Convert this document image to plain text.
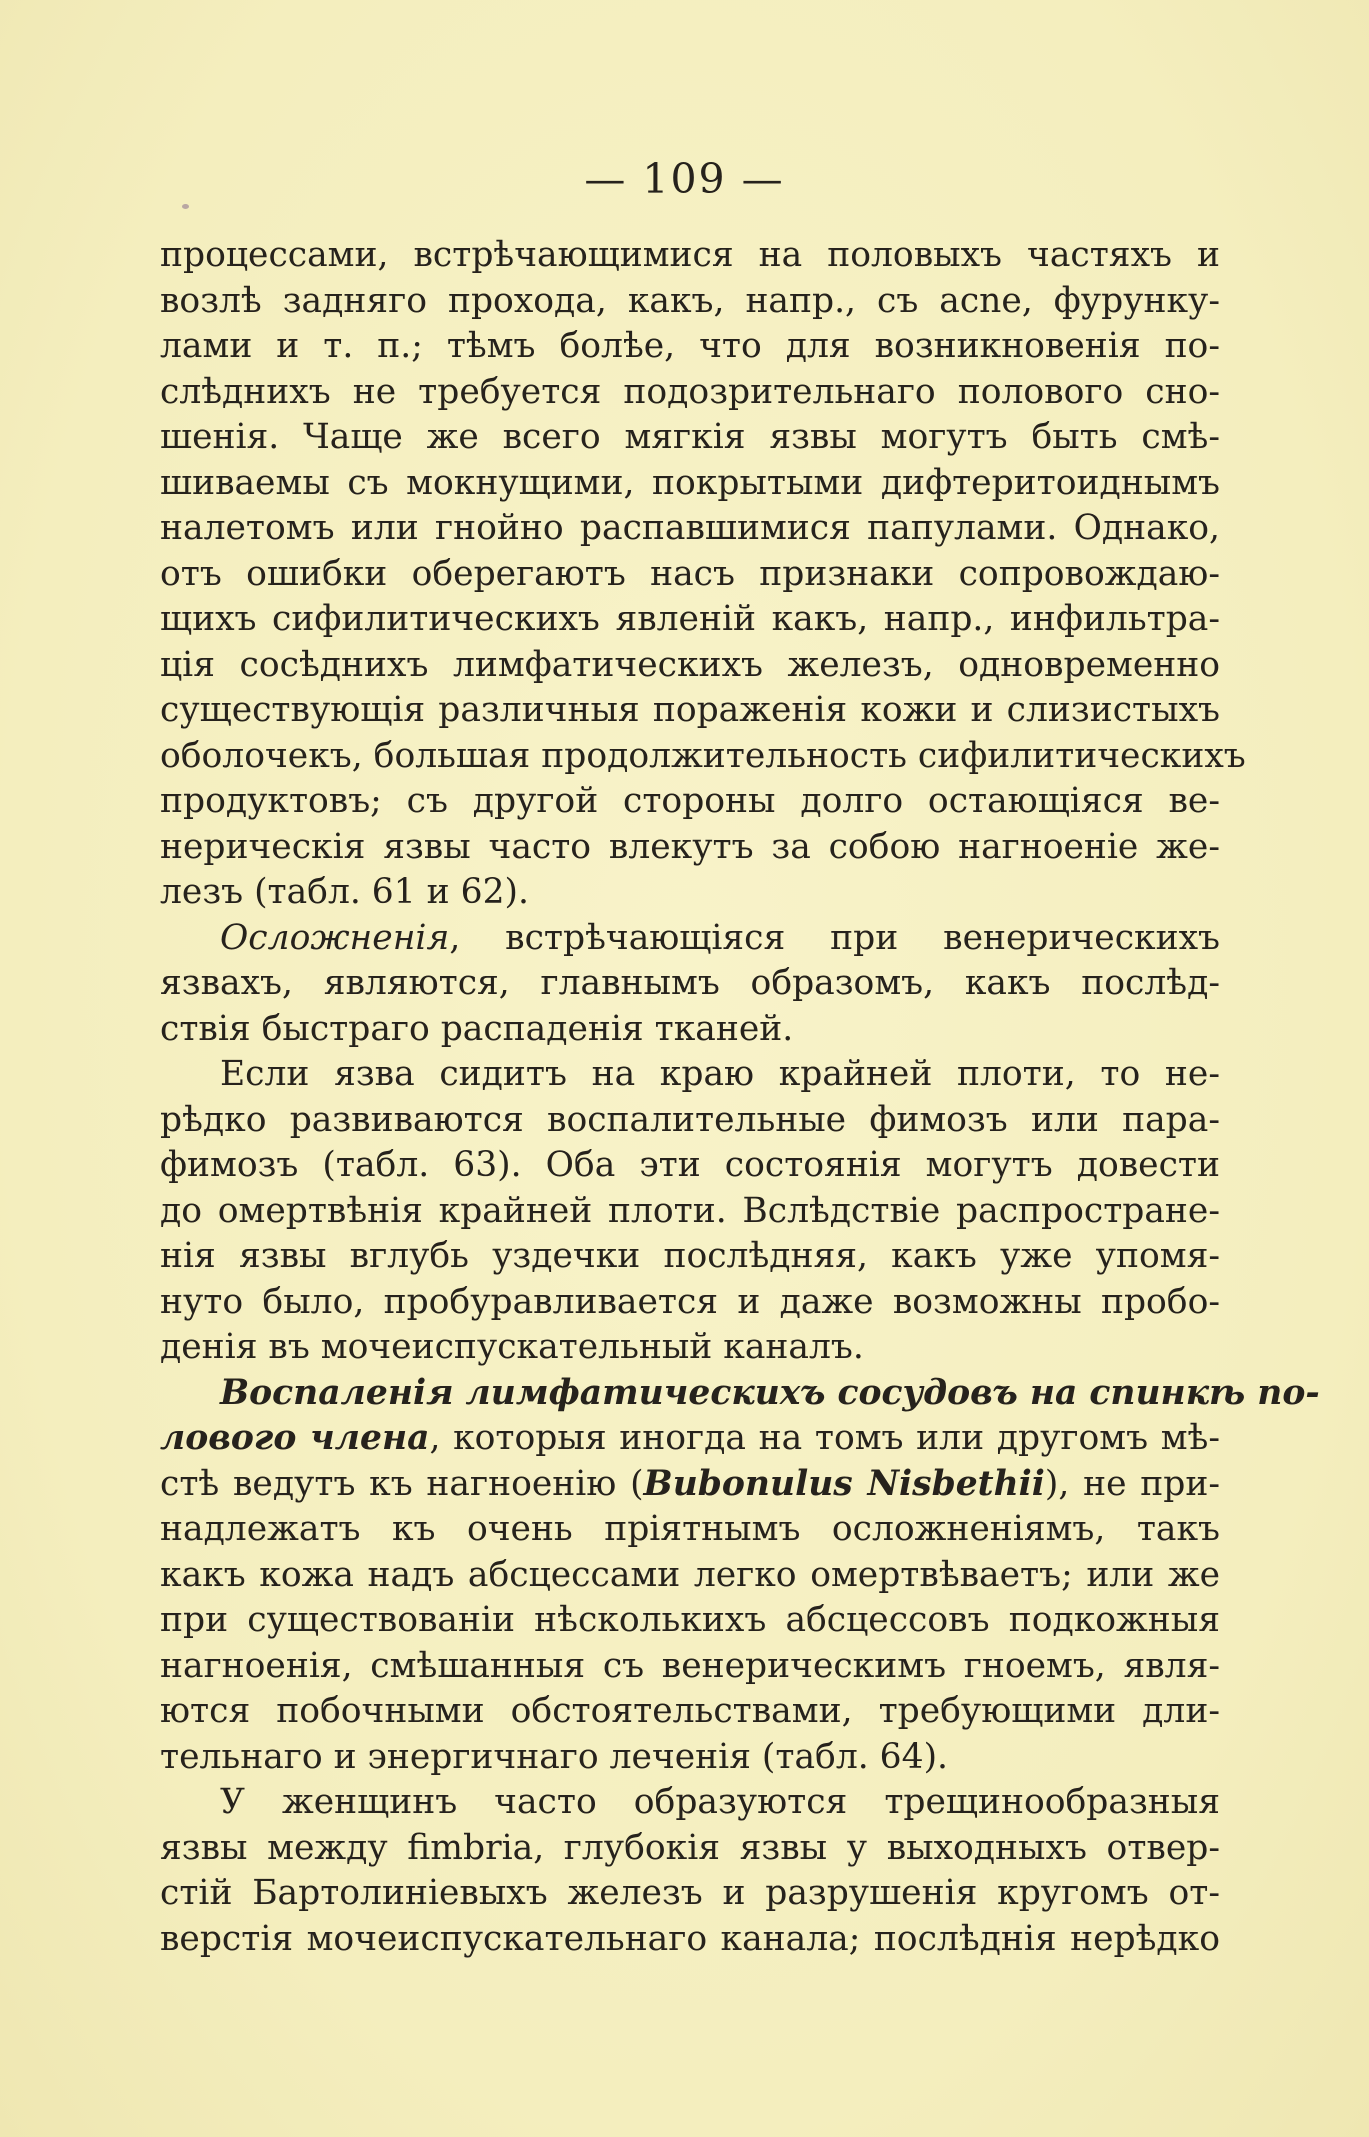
— 109 —
процессами, встрѣчающимися на половыхъ частяхъ и
возлѣ задняго прохода, какъ, напр., съ acne, фурунку-
лами и т. п.; тѣмъ болѣе, что для возникновенія по-
слѣднихъ не требуется подозрительнаго полового сно-
шенія. Чаще же всего мягкія язвы могутъ быть смѣ-
шиваемы съ мокнущими, покрытыми дифтеритоиднымъ
налетомъ или гнойно распавшимися папулами. Однако,
отъ ошибки оберегаютъ насъ признаки сопровождаю-
щихъ сифилитическихъ явленій какъ, напр., инфильтра-
ція сосѣднихъ лимфатическихъ железъ, одновременно
существующія различныя пораженія кожи и слизистыхъ
оболочекъ, большая продолжительность сифилитическихъ
продуктовъ; съ другой стороны долго остающіяся ве-
нерическія язвы часто влекутъ за собою нагноеніе же-
лезъ (табл. 61 и 62).
Осложненія, встрѣчающіяся при венерическихъ
язвахъ, являются, главнымъ образомъ, какъ послѣд-
ствія быстраго распаденія тканей.
Если язва сидитъ на краю крайней плоти, то не-
рѣдко развиваются воспалительные фимозъ или пара-
фимозъ (табл. 63). Оба эти состоянія могутъ довести
до омертвѣнія крайней плоти. Вслѣдствіе распростране-
нія язвы вглубь уздечки послѣдняя, какъ уже упомя-
нуто было, пробуравливается и даже возможны пробо-
денія въ мочеиспускательный каналъ.
Воспаленія лимфатическихъ сосудовъ на спинкѣ по-
лового члена, которыя иногда на томъ или другомъ мѣ-
стѣ ведутъ къ нагноенію (Bubonulus Nisbethii), не при-
надлежатъ къ очень пріятнымъ осложненіямъ, такъ
какъ кожа надъ абсцессами легко омертвѣваетъ; или же
при существованіи нѣсколькихъ абсцессовъ подкожныя
нагноенія, смѣшанныя съ венерическимъ гноемъ, явля-
ются побочными обстоятельствами, требующими дли-
тельнаго и энергичнаго леченія (табл. 64).
У женщинъ часто образуются трещинообразныя
язвы между fimbria, глубокія язвы у выходныхъ отвер-
стій Бартолиніевыхъ железъ и разрушенія кругомъ от-
верстія мочеиспускательнаго канала; послѣднія нерѣдко
